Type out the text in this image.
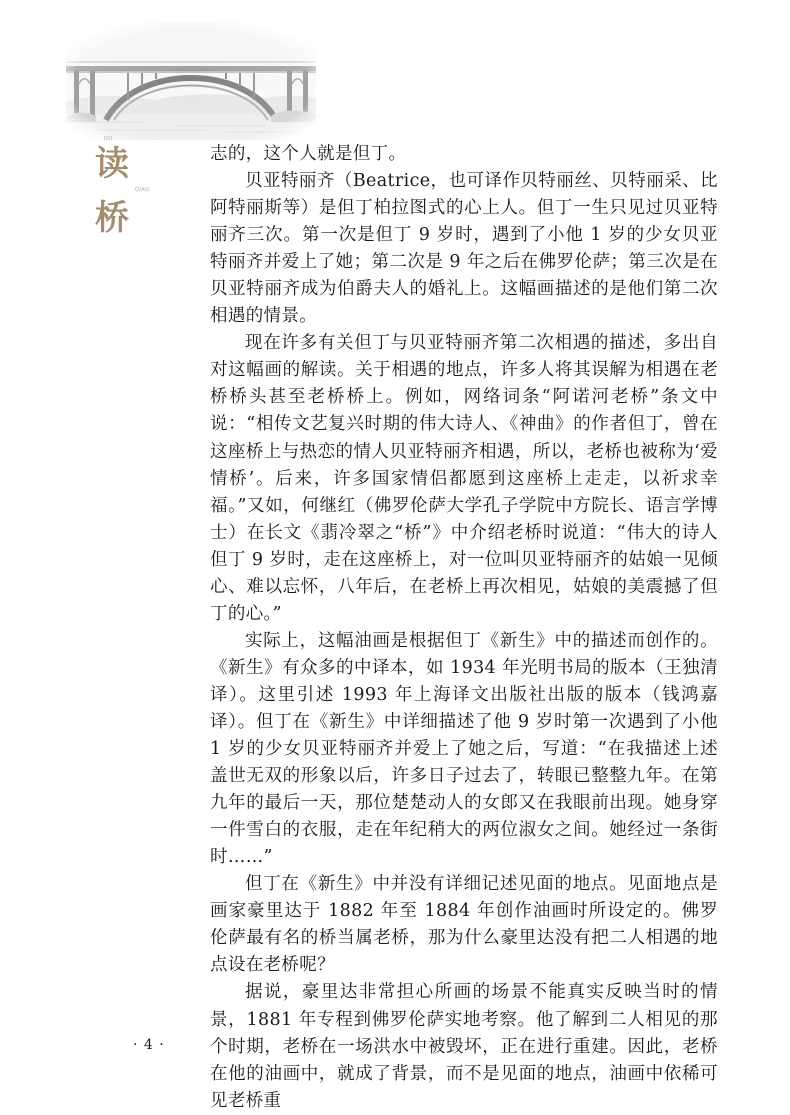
DU
读
QIAO
桥

志的，这个人就是但丁。

贝亚特丽齐（Beatrice，也可译作贝特丽丝、贝特丽采、比阿特丽斯等）是但丁柏拉图式的心上人。但丁一生只见过贝亚特丽齐三次。第一次是但丁 9 岁时，遇到了小他 1 岁的少女贝亚特丽齐并爱上了她；第二次是 9 年之后在佛罗伦萨；第三次是在贝亚特丽齐成为伯爵夫人的婚礼上。这幅画描述的是他们第二次相遇的情景。

现在许多有关但丁与贝亚特丽齐第二次相遇的描述，多出自对这幅画的解读。关于相遇的地点，许多人将其误解为相遇在老桥桥头甚至老桥桥上。例如，网络词条“阿诺河老桥”条文中说：“相传文艺复兴时期的伟大诗人、《神曲》的作者但丁，曾在这座桥上与热恋的情人贝亚特丽齐相遇，所以，老桥也被称为‘爱情桥’。后来，许多国家情侣都愿到这座桥上走走，以祈求幸福。”又如，何继红（佛罗伦萨大学孔子学院中方院长、语言学博士）在长文《翡冷翠之“桥”》中介绍老桥时说道：“伟大的诗人但丁 9 岁时，走在这座桥上，对一位叫贝亚特丽齐的姑娘一见倾心、难以忘怀，八年后，在老桥上再次相见，姑娘的美震撼了但丁的心。”

实际上，这幅油画是根据但丁《新生》中的描述而创作的。《新生》有众多的中译本，如 1934 年光明书局的版本（王独清译）。这里引述 1993 年上海译文出版社出版的版本（钱鸿嘉译）。但丁在《新生》中详细描述了他 9 岁时第一次遇到了小他 1 岁的少女贝亚特丽齐并爱上了她之后，写道：“在我描述上述盖世无双的形象以后，许多日子过去了，转眼已整整九年。在第九年的最后一天，那位楚楚动人的女郎又在我眼前出现。她身穿一件雪白的衣服，走在年纪稍大的两位淑女之间。她经过一条街时……”

但丁在《新生》中并没有详细记述见面的地点。见面地点是画家豪里达于 1882 年至 1884 年创作油画时所设定的。佛罗伦萨最有名的桥当属老桥，那为什么豪里达没有把二人相遇的地点设在老桥呢？

据说，豪里达非常担心所画的场景不能真实反映当时的情景，1881 年专程到佛罗伦萨实地考察。他了解到二人相见的那个时期，老桥在一场洪水中被毁坏，正在进行重建。因此，老桥在他的油画中，就成了背景，而不是见面的地点，油画中依稀可见老桥重

· 4 ·
